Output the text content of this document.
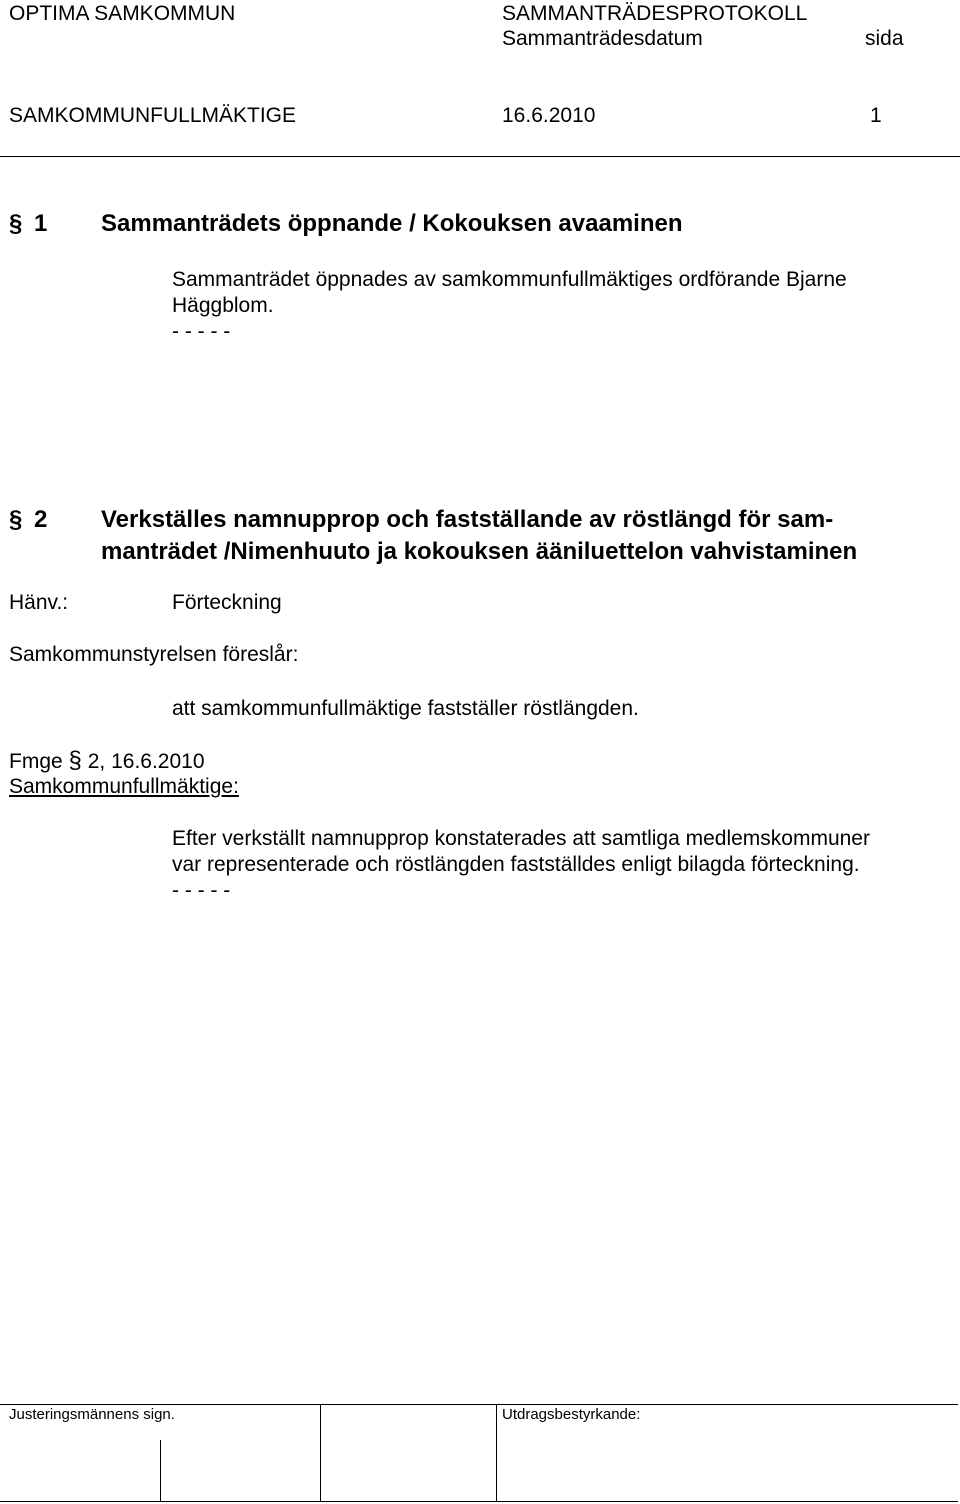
OPTIMA SAMKOMMUN	SAMMANTRÄDESPROTOKOLL
Sammanträdesdatum	sida
SAMKOMMUNFULLMÄKTIGE	16.6.2010	1
§ 1 Sammanträdets öppnande / Kokouksen avaaminen
Sammanträdet öppnades av samkommunfullmäktiges ordförande Bjarne
Häggblom.
- - - - -
§ 2 Verkställes namnupprop och fastställande av röstlängd för sam-
manträdet /Nimenhuuto ja kokouksen ääniluettelon vahvistaminen
Hänv.:	Förteckning
Samkommunstyrelsen föreslår:
att samkommunfullmäktige fastställer röstlängden.
Fmge § 2, 16.6.2010
Samkommunfullmäktige:
Efter verkställt namnupprop konstaterades att samtliga medlemskommuner
var representerade och röstlängden fastställdes enligt bilagda förteckning.
- - - - -
Justeringsmännens sign.	Utdragsbestyrkande:
